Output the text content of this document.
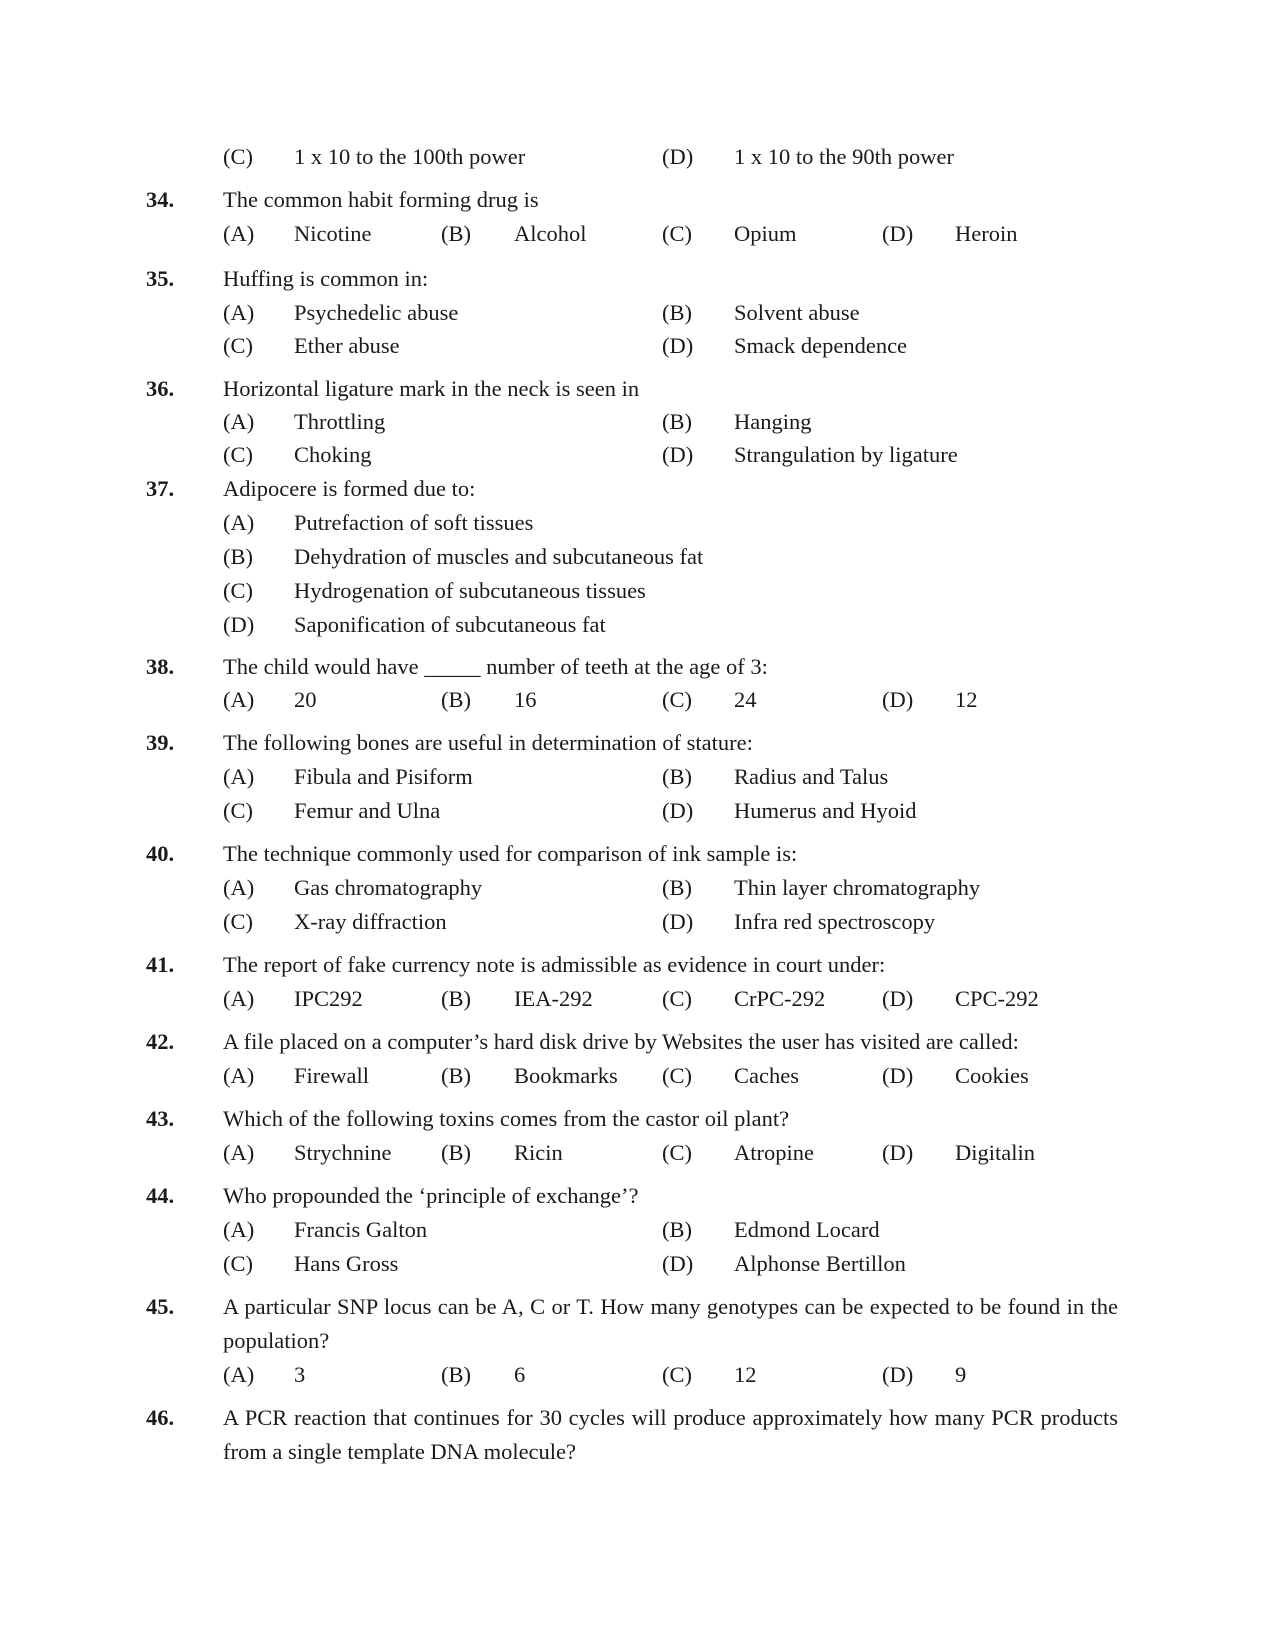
(C) 1 x 10 to the 100th power	(D) 1 x 10 to the 90th power
34. The common habit forming drug is
(A) Nicotine	(B) Alcohol	(C) Opium	(D) Heroin
35. Huffing is common in:
(A) Psychedelic abuse	(B) Solvent abuse
(C) Ether abuse	(D) Smack dependence
36. Horizontal ligature mark in the neck is seen in
(A) Throttling	(B) Hanging
(C) Choking	(D) Strangulation by ligature
37. Adipocere is formed due to:
(A) Putrefaction of soft tissues
(B) Dehydration of muscles and subcutaneous fat
(C) Hydrogenation of subcutaneous tissues
(D) Saponification of subcutaneous fat
38. The child would have _____ number of teeth at the age of 3:
(A) 20	(B) 16	(C) 24	(D) 12
39. The following bones are useful in determination of stature:
(A) Fibula and Pisiform	(B) Radius and Talus
(C) Femur and Ulna	(D) Humerus and Hyoid
40. The technique commonly used for comparison of ink sample is:
(A) Gas chromatography	(B) Thin layer chromatography
(C) X-ray diffraction	(D) Infra red spectroscopy
41. The report of fake currency note is admissible as evidence in court under:
(A) IPC292	(B) IEA-292	(C) CrPC-292	(D) CPC-292
42. A file placed on a computer’s hard disk drive by Websites the user has visited are called:
(A) Firewall	(B) Bookmarks (C) Caches	(D) Cookies
43. Which of the following toxins comes from the castor oil plant?
(A) Strychnine (B) Ricin	(C) Atropine	(D) Digitalin
44. Who propounded the ‘principle of exchange’?
(A) Francis Galton	(B) Edmond Locard
(C) Hans Gross	(D) Alphonse Bertillon
45. A particular SNP locus can be A, C or T. How many genotypes can be expected to be found in the population?
(A) 3	(B) 6	(C) 12	(D) 9
46. A PCR reaction that continues for 30 cycles will produce approximately how many PCR products from a single template DNA molecule?
